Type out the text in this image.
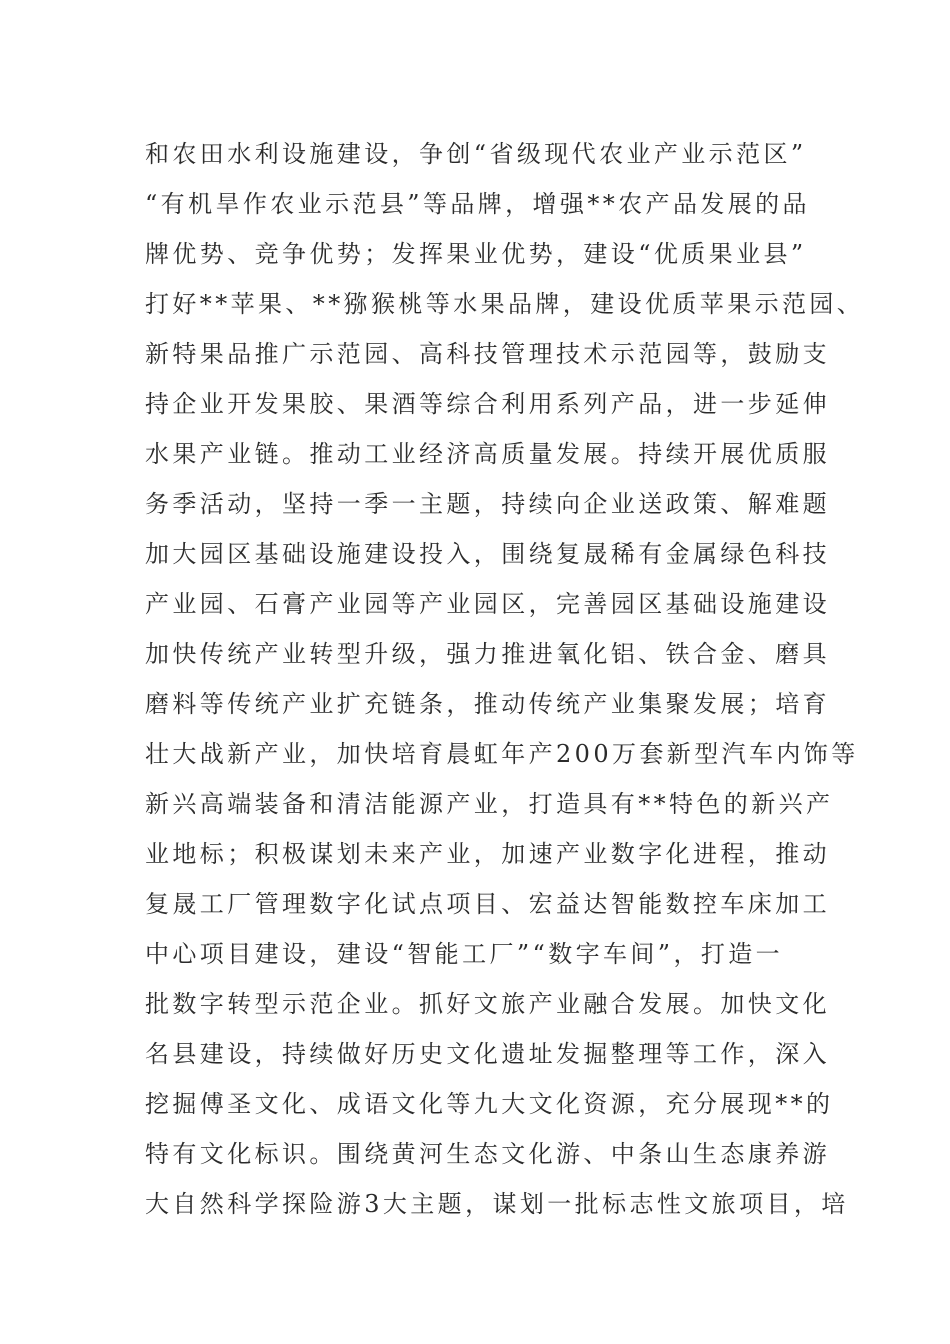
和农田水利设施建设，争创“省级现代农业产业示范区”
“有机旱作农业示范县”等品牌，增强**农产品发展的品
牌优势、竞争优势；发挥果业优势，建设“优质果业县”
打好**苹果、**猕猴桃等水果品牌，建设优质苹果示范园、
新特果品推广示范园、高科技管理技术示范园等，鼓励支
持企业开发果胶、果酒等综合利用系列产品，进一步延伸
水果产业链。推动工业经济高质量发展。持续开展优质服
务季活动，坚持一季一主题，持续向企业送政策、解难题
加大园区基础设施建设投入，围绕复晟稀有金属绿色科技
产业园、石膏产业园等产业园区，完善园区基础设施建设
加快传统产业转型升级，强力推进氧化铝、铁合金、磨具
磨料等传统产业扩充链条，推动传统产业集聚发展；培育
壮大战新产业，加快培育晨虹年产200万套新型汽车内饰等
新兴高端装备和清洁能源产业，打造具有**特色的新兴产
业地标；积极谋划未来产业，加速产业数字化进程，推动
复晟工厂管理数字化试点项目、宏益达智能数控车床加工
中心项目建设，建设“智能工厂”“数字车间”，打造一
批数字转型示范企业。抓好文旅产业融合发展。加快文化
名县建设，持续做好历史文化遗址发掘整理等工作，深入
挖掘傅圣文化、成语文化等九大文化资源，充分展现**的
特有文化标识。围绕黄河生态文化游、中条山生态康养游
大自然科学探险游3大主题，谋划一批标志性文旅项目，培
